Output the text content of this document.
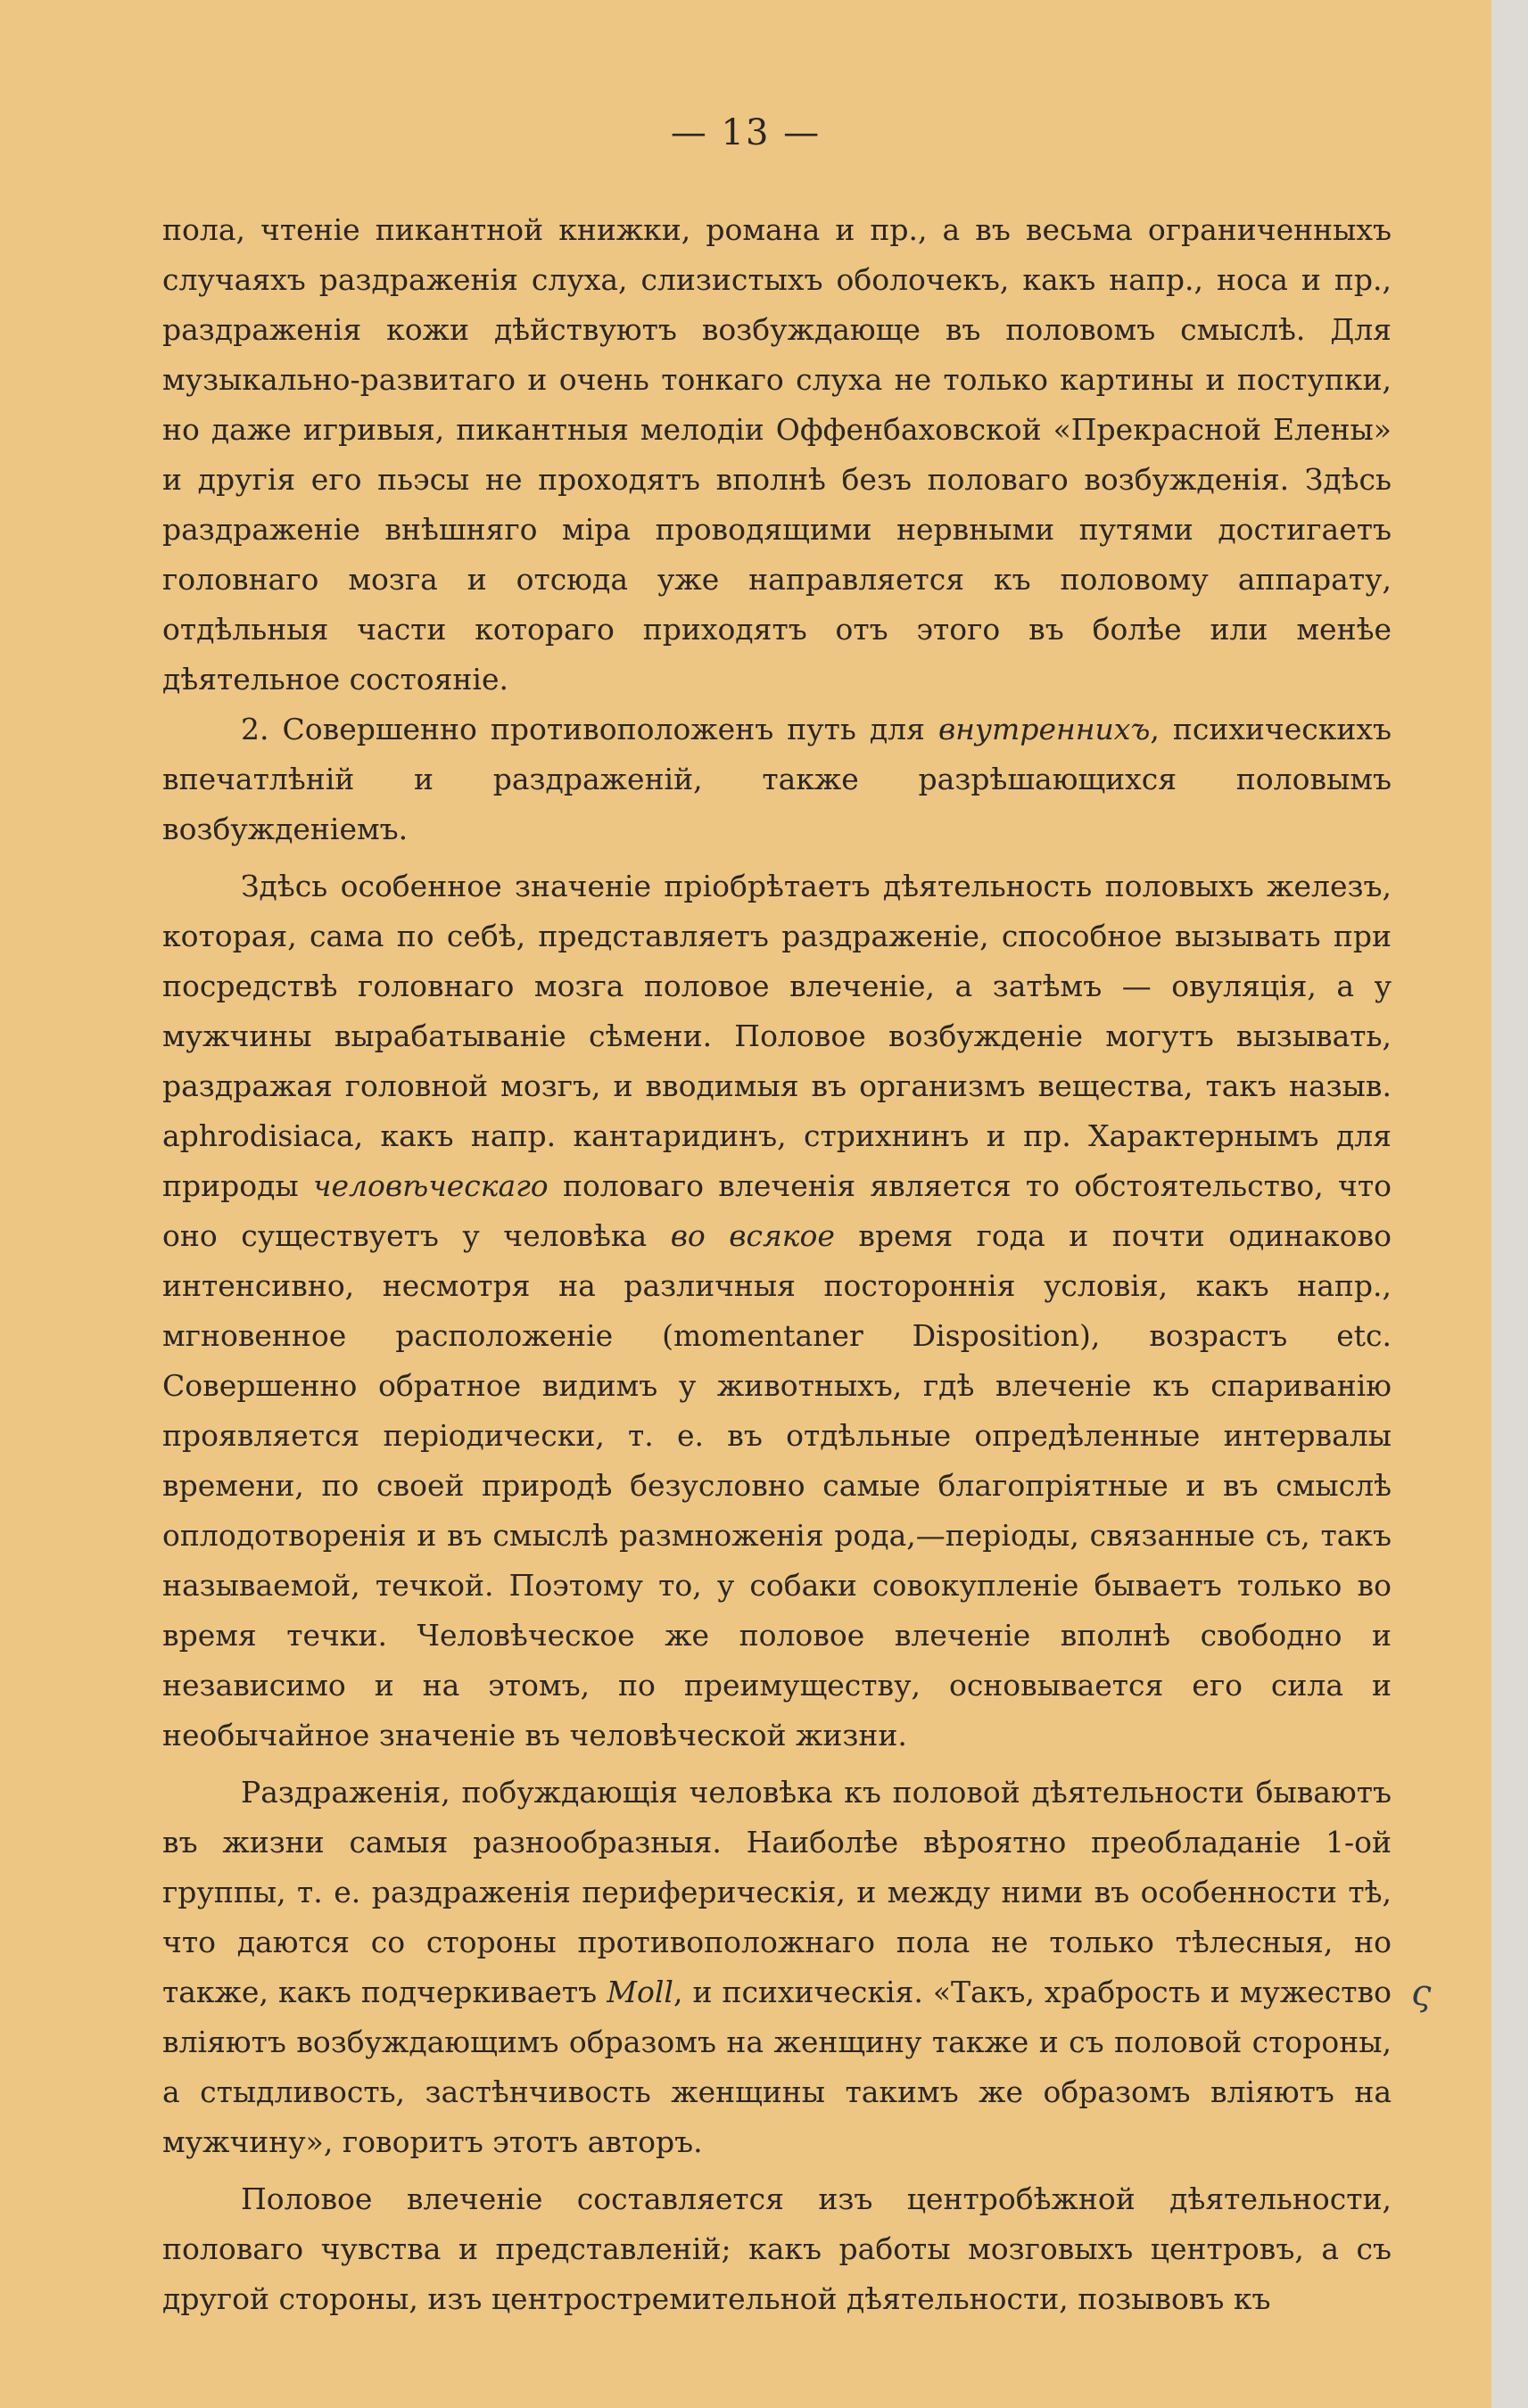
— 13 —

пола, чтеніе пикантной книжки, романа и пр., а въ весьма ограниченныхъ случаяхъ раздраженія слуха, слизистыхъ оболочекъ, какъ напр., носа и пр., раздраженія кожи дѣйствуютъ возбуждающе въ половомъ смыслѣ. Для музыкально-развитаго и очень тонкаго слуха не только картины и поступки, но даже игривыя, пикантныя мелодіи Оффенбаховской «Прекрасной Елены» и другія его пьэсы не проходятъ вполнѣ безъ половаго возбужденія. Здѣсь раздраженіе внѣшняго міра проводящими нервными путями достигаетъ головнаго мозга и отсюда уже направляется къ половому аппарату, отдѣльныя части котораго приходятъ отъ этого въ болѣе или менѣе дѣятельное состояніе.

2. Совершенно противоположенъ путь для внутреннихъ, психическихъ впечатлѣній и раздраженій, также разрѣшающихся половымъ возбужденіемъ.

Здѣсь особенное значеніе пріобрѣтаетъ дѣятельность половыхъ железъ, которая, сама по себѣ, представляетъ раздраженіе, способное вызывать при посредствѣ головнаго мозга половое влеченіе, а затѣмъ — овуляція, а у мужчины вырабатываніе сѣмени. Половое возбужденіе могутъ вызывать, раздражая головной мозгъ, и вводимыя въ организмъ вещества, такъ назыв. aphrodisiaca, какъ напр. кантаридинъ, стрихнинъ и пр. Характернымъ для природы человѣческаго половаго влеченія является то обстоятельство, что оно существуетъ у человѣка во всякое время года и почти одинаково интенсивно, несмотря на различныя постороннія условія, какъ напр., мгновенное расположеніе (momentaner Disposition), возрастъ etc. Совершенно обратное видимъ у животныхъ, гдѣ влеченіе къ спариванію проявляется періодически, т. е. въ отдѣльные опредѣленные интервалы времени, по своей природѣ безусловно самые благопріятные и въ смыслѣ оплодотворенія и въ смыслѣ размноженія рода,—періоды, связанные съ, такъ называемой, течкой. Поэтому то, у собаки совокупленіе бываетъ только во время течки. Человѣческое же половое влеченіе вполнѣ свободно и независимо и на этомъ, по преимуществу, основывается его сила и необычайное значеніе въ человѣческой жизни.

Раздраженія, побуждающія человѣка къ половой дѣятельности бываютъ въ жизни самыя разнообразныя. Наиболѣе вѣроятно преобладаніе 1-ой группы, т. е. раздраженія периферическія, и между ними въ особенности тѣ, что даются со стороны противоположнаго пола не только тѣлесныя, но также, какъ подчеркиваетъ Moll, и психическія. «Такъ, храбрость и мужество вліяютъ возбуждающимъ образомъ на женщину также и съ половой стороны, а стыдливость, застѣнчивость женщины такимъ же образомъ вліяютъ на мужчину», говоритъ этотъ авторъ.

Половое влеченіе составляется изъ центробѣжной дѣятельности, половаго чувства и представленій; какъ работы мозговыхъ центровъ, а съ другой стороны, изъ центростремительной дѣятельности, позывовъ къ

ς
